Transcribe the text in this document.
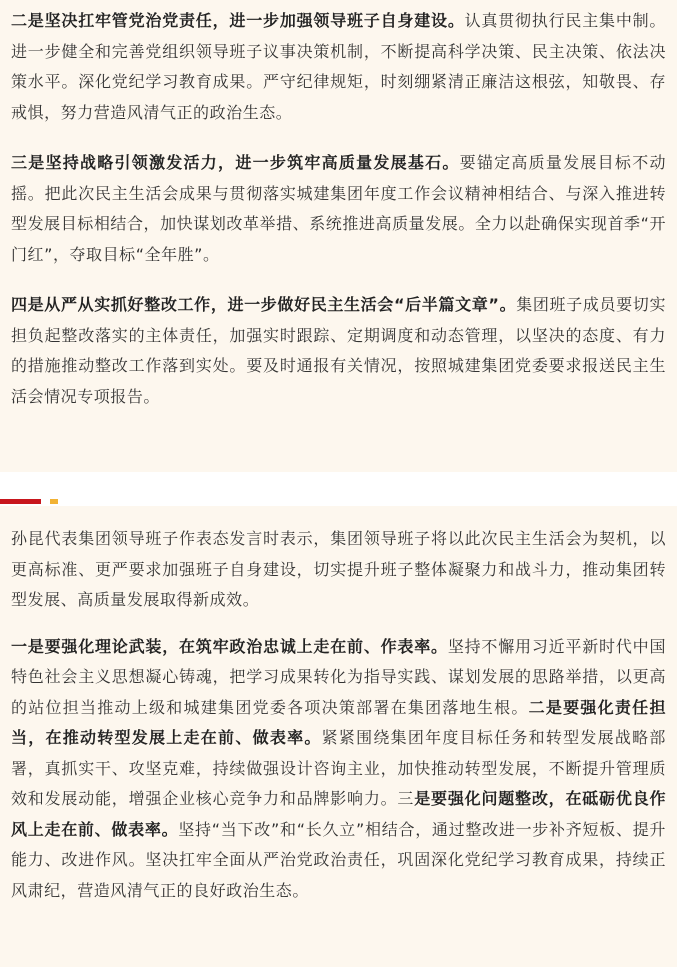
二是坚决扛牢管党治党责任，进一步加强领导班子自身建设。认真贯彻执行民主集中制。进一步健全和完善党组织领导班子议事决策机制，不断提高科学决策、民主决策、依法决策水平。深化党纪学习教育成果。严守纪律规矩，时刻绷紧清正廉洁这根弦，知敬畏、存戒惧，努力营造风清气正的政治生态。

三是坚持战略引领激发活力，进一步筑牢高质量发展基石。要锚定高质量发展目标不动摇。把此次民主生活会成果与贯彻落实城建集团年度工作会议精神相结合、与深入推进转型发展目标相结合，加快谋划改革举措、系统推进高质量发展。全力以赴确保实现首季“开门红”，夺取目标“全年胜”。

四是从严从实抓好整改工作，进一步做好民主生活会“后半篇文章”。集团班子成员要切实担负起整改落实的主体责任，加强实时跟踪、定期调度和动态管理，以坚决的态度、有力的措施推动整改工作落到实处。要及时通报有关情况，按照城建集团党委要求报送民主生活会情况专项报告。

孙昆代表集团领导班子作表态发言时表示，集团领导班子将以此次民主生活会为契机，以更高标准、更严要求加强班子自身建设，切实提升班子整体凝聚力和战斗力，推动集团转型发展、高质量发展取得新成效。

一是要强化理论武装，在筑牢政治忠诚上走在前、作表率。坚持不懈用习近平新时代中国特色社会主义思想凝心铸魂，把学习成果转化为指导实践、谋划发展的思路举措，以更高的站位担当推动上级和城建集团党委各项决策部署在集团落地生根。二是要强化责任担当，在推动转型发展上走在前、做表率。紧紧围绕集团年度目标任务和转型发展战略部署，真抓实干、攻坚克难，持续做强设计咨询主业，加快推动转型发展，不断提升管理质效和发展动能，增强企业核心竞争力和品牌影响力。三是要强化问题整改，在砥砺优良作风上走在前、做表率。坚持“当下改”和“长久立”相结合，通过整改进一步补齐短板、提升能力、改进作风。坚决扛牢全面从严治党政治责任，巩固深化党纪学习教育成果，持续正风肃纪，营造风清气正的良好政治生态。
